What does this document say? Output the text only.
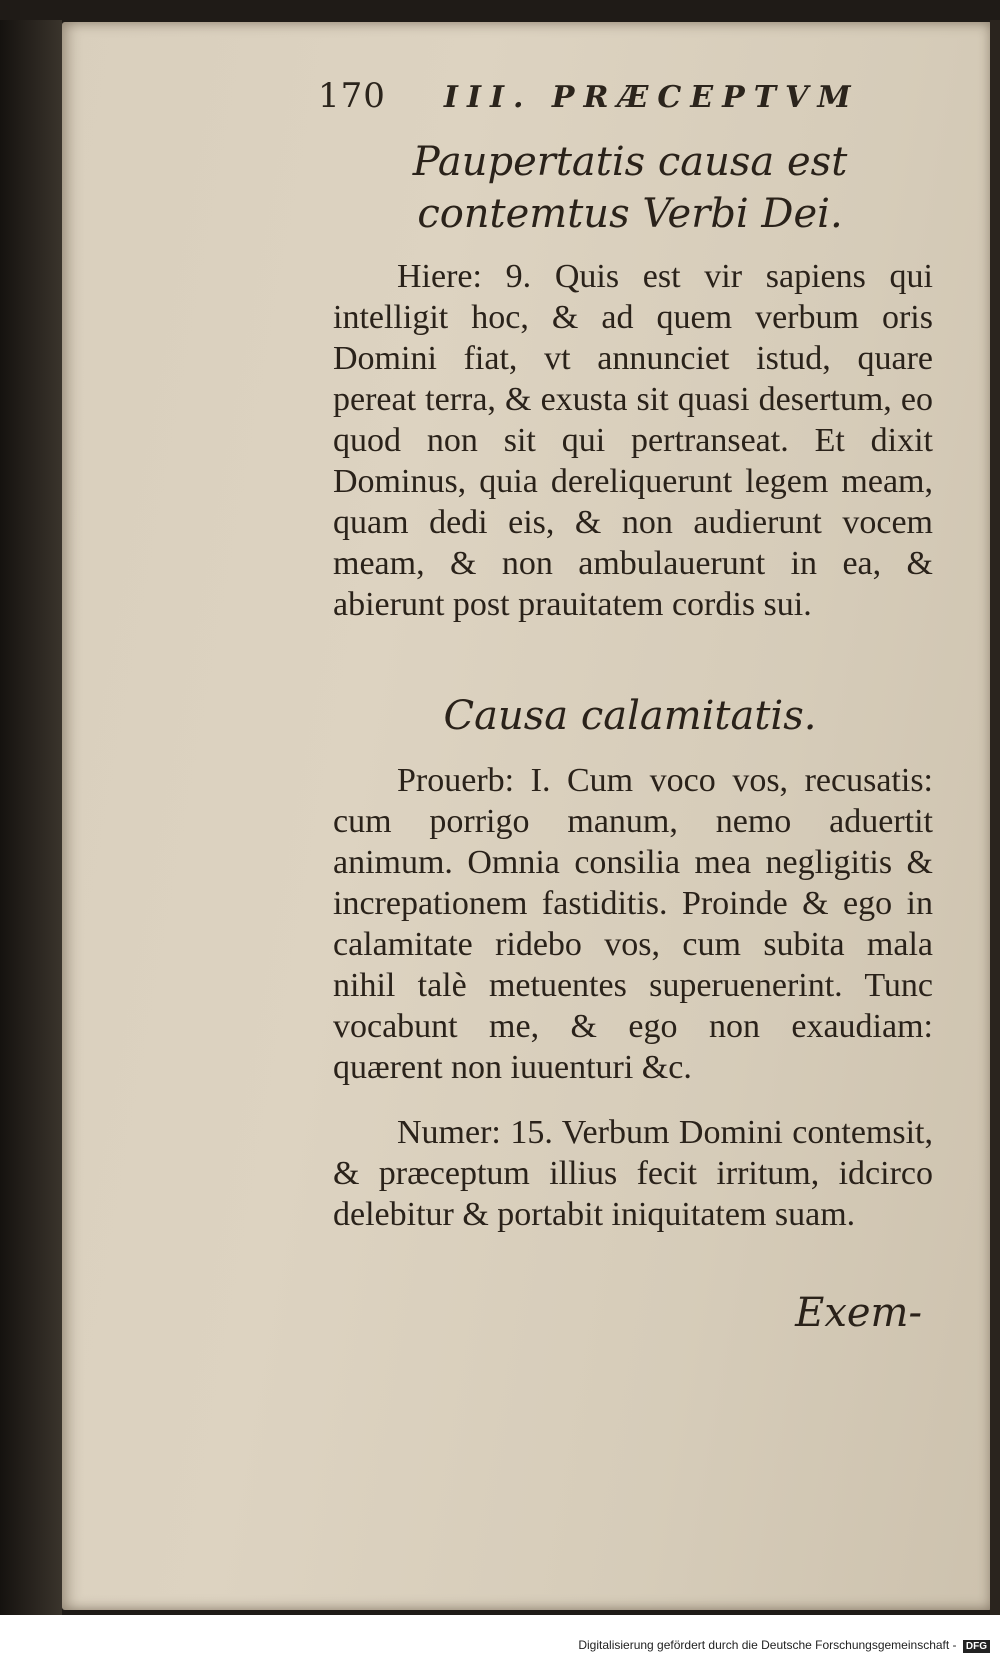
170 III. PRÆCEPTVM
Paupertatis causa est contemtus Verbi Dei.
Hiere: 9. Quis est vir sapiens qui intelligit hoc, & ad quem verbum oris Domini fiat, vt annunciet istud, quare pereat terra, & exusta sit quasi desertum, eo quod non sit qui pertranseat. Et dixit Dominus, quia dereliquerunt legem meam, quam dedi eis, & non audierunt vocem meam, & non ambulauerunt in ea, & abierunt post prauitatem cordis sui.
Causa calamitatis.
Prouerb: I. Cum voco vos, recusatis: cum porrigo manum, nemo aduertit animum. Omnia consilia mea negligitis & increpationem fastiditis. Proinde & ego in calamitate ridebo vos, cum subita mala nihil talè metuentes superuenerint. Tunc vocabunt me, & ego non exaudiam: quærent non iuuenturi &c.
Numer: 15. Verbum Domini contemsit, & præceptum illius fecit irritum, idcirco delebitur & portabit iniquitatem suam.
Exem-
Digitalisierung gefördert durch die Deutsche Forschungsgemeinschaft - DFG
